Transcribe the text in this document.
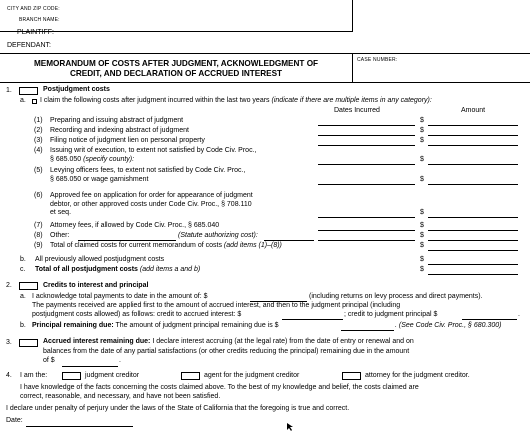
CITY AND ZIP CODE:
BRANCH NAME:
PLAINTIFF:
DEFENDANT:
CASE NUMBER:
MEMORANDUM OF COSTS AFTER JUDGMENT, ACKNOWLEDGMENT OF
CREDIT, AND DECLARATION OF ACCRUED INTEREST
1.	Postjudgment costs
a. I claim the following costs after judgment incurred within the last two years (indicate if there are multiple items in any category):
Dates Incurred	Amount
(1) Preparing and issuing abstract of judgment	$
(2) Recording and indexing abstract of judgment	$
(3) Filing notice of judgment lien on personal property	$
(4) Issuing writ of execution, to extent not satisfied by Code Civ. Proc.,
§ 685.050 (specify county):	$
(5) Levying officers fees, to extent not satisfied by Code Civ. Proc.,
§ 685.050 or wage garnishment	$
(6) Approved fee on application for order for appearance of judgment
debtor, or other approved costs under Code Civ. Proc., § 708.110
et seq.	$
(7) Attorney fees, if allowed by Code Civ. Proc., § 685.040	$
(8) Other:	(Statute authorizing cost):	$
(9) Total of claimed costs for current memorandum of costs (add items (1)–(8))	$
b. All previously allowed postjudgment costs	$
c. Total of all postjudgment costs (add items a and b)	$
2.	Credits to interest and principal
a. I acknowledge total payments to date in the amount of: $	(including returns on levy process and direct payments).
The payments received are applied first to the amount of accrued interest, and then to the judgment principal (including
postjudgment costs allowed) as follows: credit to accrued interest: $	; credit to judgment principal $	.
b. Principal remaining due: The amount of judgment principal remaining due is $	. (See Code Civ. Proc., § 680.300)
3.	Accrued interest remaining due: I declare interest accruing (at the legal rate) from the date of entry or renewal and on
balances from the date of any partial satisfactions (or other credits reducing the principal) remaining due in the amount
of $	.
4. I am the:	judgment creditor	agent for the judgment creditor	attorney for the judgment creditor.
I have knowledge of the facts concerning the costs claimed above. To the best of my knowledge and belief, the costs claimed are
correct, reasonable, and necessary, and have not been satisfied.
I declare under penalty of perjury under the laws of the State of California that the foregoing is true and correct.
Date:
